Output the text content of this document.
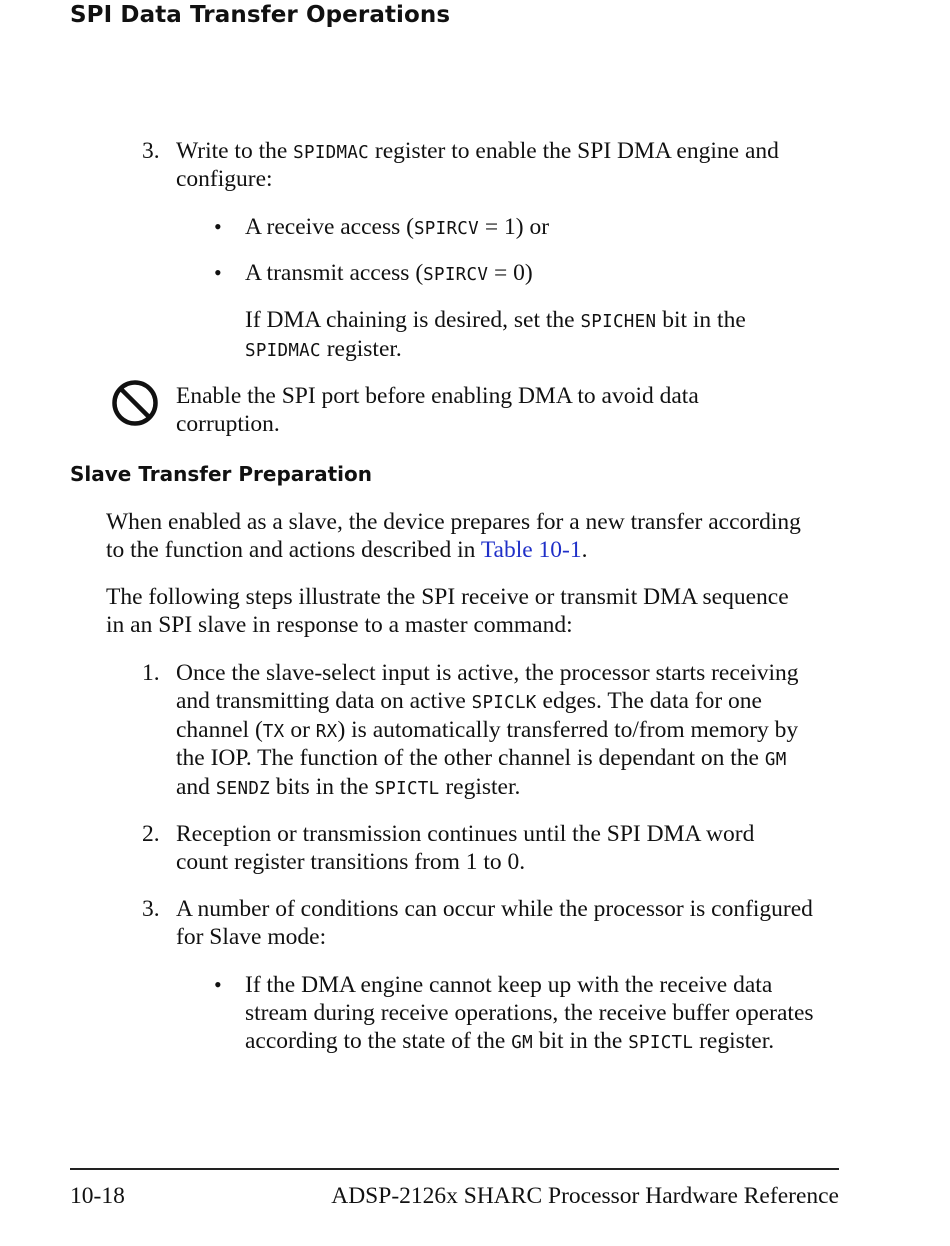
SPI Data Transfer Operations
3. Write to the SPIDMAC register to enable the SPI DMA engine and
configure:
• A receive access (SPIRCV = 1) or
• A transmit access (SPIRCV = 0)
If DMA chaining is desired, set the SPICHEN bit in the
SPIDMAC register.
Enable the SPI port before enabling DMA to avoid data
corruption.
Slave Transfer Preparation
When enabled as a slave, the device prepares for a new transfer according
to the function and actions described in Table 10-1.
The following steps illustrate the SPI receive or transmit DMA sequence
in an SPI slave in response to a master command:
1. Once the slave-select input is active, the processor starts receiving
and transmitting data on active SPICLK edges. The data for one
channel (TX or RX) is automatically transferred to/from memory by
the IOP. The function of the other channel is dependant on the GM
and SENDZ bits in the SPICTL register.
2. Reception or transmission continues until the SPI DMA word
count register transitions from 1 to 0.
3. A number of conditions can occur while the processor is configured
for Slave mode:
• If the DMA engine cannot keep up with the receive data
stream during receive operations, the receive buffer operates
according to the state of the GM bit in the SPICTL register.
10-18	ADSP-2126x SHARC Processor Hardware Reference
